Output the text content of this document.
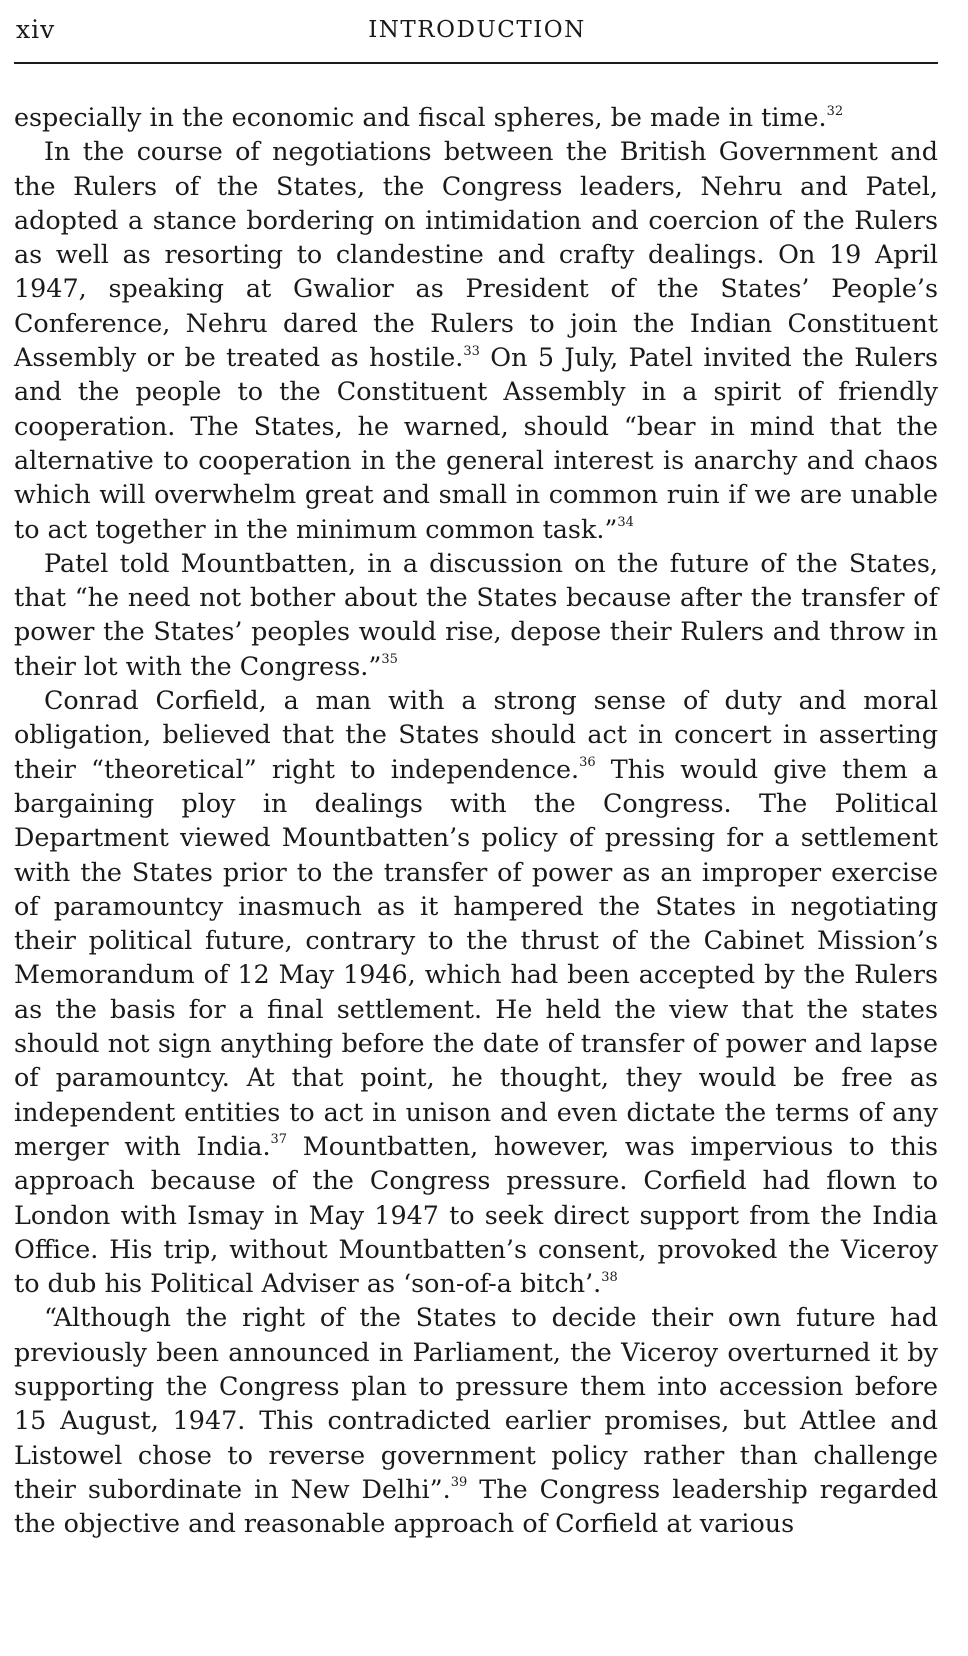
xiv	INTRODUCTION

especially in the economic and fiscal spheres, be made in time.$^{32}$

In the course of negotiations between the British Government and the Rulers of the States, the Congress leaders, Nehru and Patel, adopted a stance bordering on intimidation and coercion of the Rulers as well as resorting to clandestine and crafty dealings. On 19 April 1947, speaking at Gwalior as President of the States’ People’s Conference, Nehru dared the Rulers to join the Indian Constituent Assembly or be treated as hostile.$^{33}$ On 5 July, Patel invited the Rulers and the people to the Constituent Assembly in a spirit of friendly cooperation. The States, he warned, should “bear in mind that the alternative to cooperation in the general interest is anarchy and chaos which will overwhelm great and small in common ruin if we are unable to act together in the minimum common task.”$^{34}$

Patel told Mountbatten, in a discussion on the future of the States, that “he need not bother about the States because after the transfer of power the States’ peoples would rise, depose their Rulers and throw in their lot with the Congress.”$^{35}$

Conrad Corfield, a man with a strong sense of duty and moral obligation, believed that the States should act in concert in asserting their “theoretical” right to independence.$^{36}$ This would give them a bargaining ploy in dealings with the Congress. The Political Department viewed Mountbatten’s policy of pressing for a settlement with the States prior to the transfer of power as an improper exercise of paramountcy inasmuch as it hampered the States in negotiating their political future, contrary to the thrust of the Cabinet Mission’s Memorandum of 12 May 1946, which had been accepted by the Rulers as the basis for a final settlement. He held the view that the states should not sign anything before the date of transfer of power and lapse of paramountcy. At that point, he thought, they would be free as independent entities to act in unison and even dictate the terms of any merger with India.$^{37}$ Mountbatten, however, was impervious to this approach because of the Congress pressure. Corfield had flown to London with Ismay in May 1947 to seek direct support from the India Office. His trip, without Mountbatten’s consent, provoked the Viceroy to dub his Political Adviser as ‘son-of-a bitch’.$^{38}$

“Although the right of the States to decide their own future had previously been announced in Parliament, the Viceroy overturned it by supporting the Congress plan to pressure them into accession before 15 August, 1947. This contradicted earlier promises, but Attlee and Listowel chose to reverse government policy rather than challenge their subordinate in New Delhi”.$^{39}$ The Congress leadership regarded the objective and reasonable approach of Corfield at various
